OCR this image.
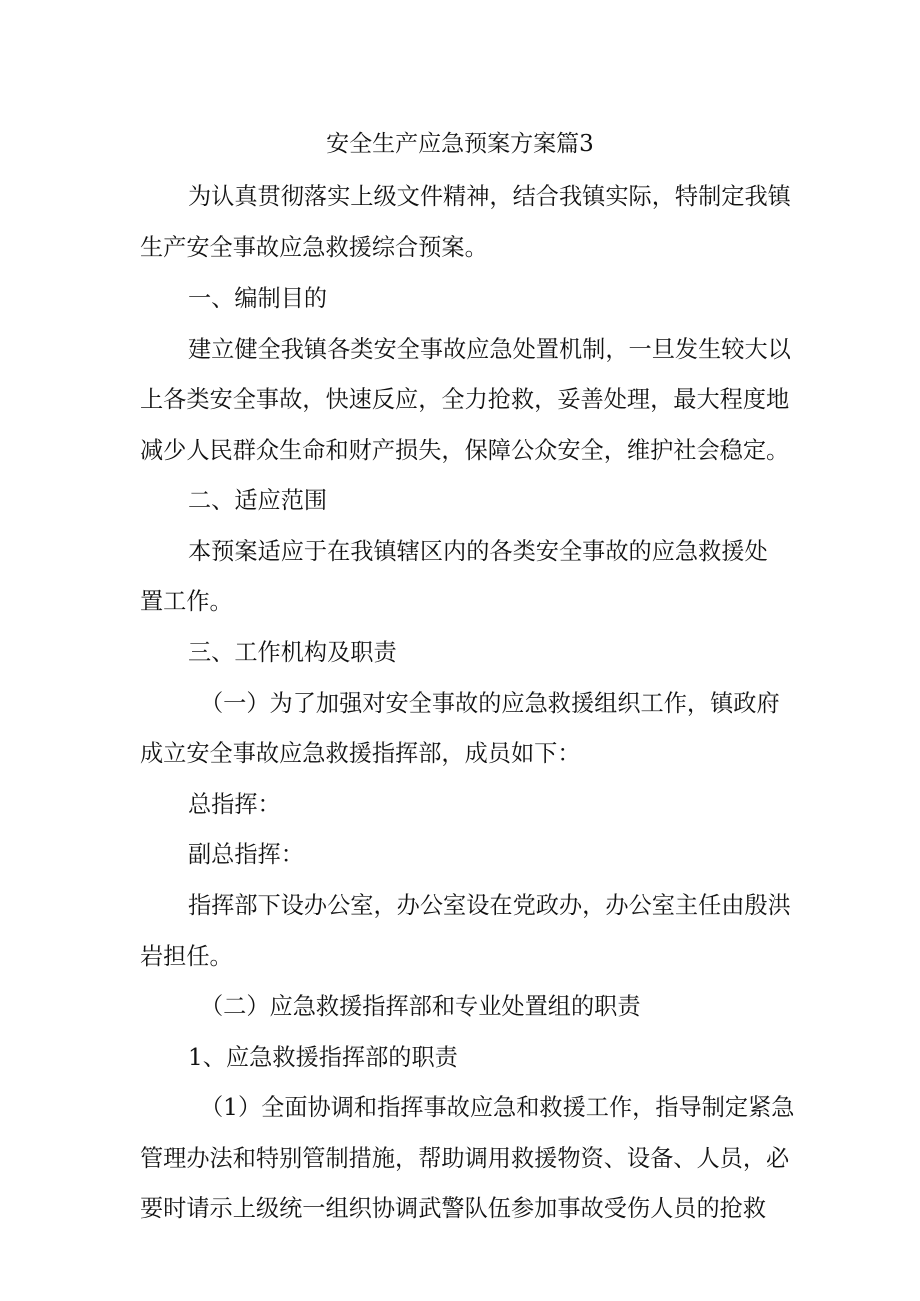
安全生产应急预案方案篇3
为认真贯彻落实上级文件精神，结合我镇实际，特制定我镇
生产安全事故应急救援综合预案。
一、编制目的
建立健全我镇各类安全事故应急处置机制，一旦发生较大以
上各类安全事故，快速反应，全力抢救，妥善处理，最大程度地
减少人民群众生命和财产损失，保障公众安全，维护社会稳定。
二、适应范围
本预案适应于在我镇辖区内的各类安全事故的应急救援处
置工作。
三、工作机构及职责
（一）为了加强对安全事故的应急救援组织工作，镇政府
成立安全事故应急救援指挥部，成员如下：
总指挥：
副总指挥：
指挥部下设办公室，办公室设在党政办，办公室主任由殷洪
岩担任。
（二）应急救援指挥部和专业处置组的职责
1、应急救援指挥部的职责
（1）全面协调和指挥事故应急和救援工作，指导制定紧急
管理办法和特别管制措施，帮助调用救援物资、设备、人员，必
要时请示上级统一组织协调武警队伍参加事故受伤人员的抢救
